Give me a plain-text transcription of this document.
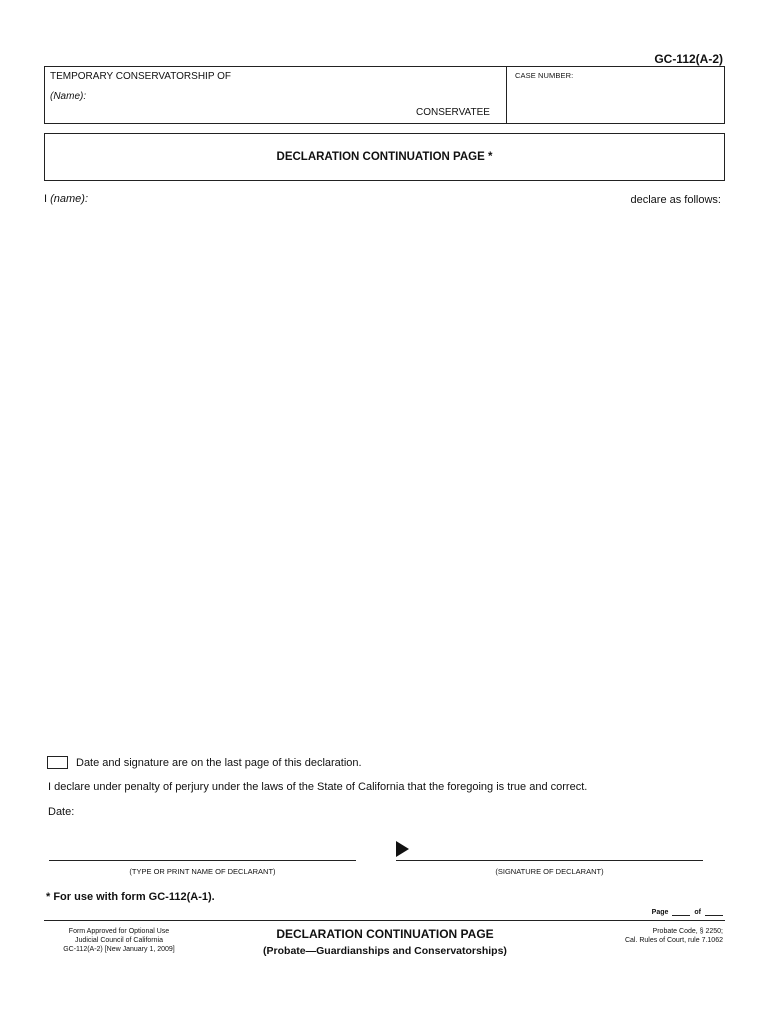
GC-112(A-2)
TEMPORARY CONSERVATORSHIP OF
(Name):
CONSERVATEE
CASE NUMBER:
DECLARATION CONTINUATION PAGE *
I (name):	declare as follows:
Date and signature are on the last page of this declaration.
I declare under penalty of perjury under the laws of the State of California that the foregoing is true and correct.
Date:
(TYPE OR PRINT NAME OF DECLARANT)	(SIGNATURE OF DECLARANT)
* For use with form GC-112(A-1).
Page	of
Form Approved for Optional Use
Judicial Council of California
GC-112(A-2) [New January 1, 2009]
DECLARATION CONTINUATION PAGE
(Probate—Guardianships and Conservatorships)
Probate Code, § 2250;
Cal. Rules of Court, rule 7.1062
